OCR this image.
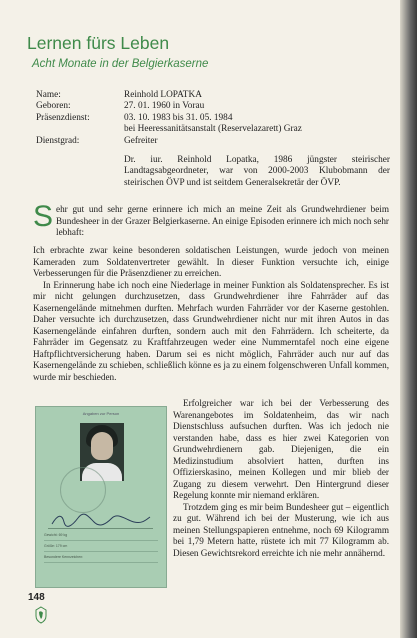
Lernen fürs Leben
Acht Monate in der Belgierkaserne
Name:	Reinhold LOPATKA
Geboren:	27. 01. 1960 in Vorau
Präsenzdienst:	03. 10. 1983 bis 31. 05. 1984
bei Heeressanitätsanstalt (Reservelazarett) Graz
Dienstgrad:	Gefreiter
Dr. iur. Reinhold Lopatka, 1986 jüngster steirischer Landtagsabgeordneter, war von 2000-2003 Klubobmann der steirischen ÖVP und ist seitdem Generalsekretär der ÖVP.
Sehr gut und sehr gerne erinnere ich mich an meine Zeit als Grundwehrdiener beim Bundesheer in der Grazer Belgierkaserne. An einige Episoden erinnere ich mich noch sehr lebhaft:

Ich erbrachte zwar keine besonderen soldatischen Leistungen, wurde jedoch von meinen Kameraden zum Soldatenvertreter gewählt. In dieser Funktion versuchte ich, einige Verbesserungen für die Präsenzdiener zu erreichen.

In Erinnerung habe ich noch eine Niederlage in meiner Funktion als Soldatensprecher. Es ist mir nicht gelungen durchzusetzen, dass Grundwehrdiener ihre Fahrräder auf das Kasernengelände mitnehmen durften. Mehrfach wurden Fahrräder vor der Kaserne gestohlen. Daher versuchte ich durchzusetzen, dass Grundwehrdiener nicht nur mit ihren Autos in das Kasernengelände einfahren durften, sondern auch mit den Fahrrädern. Ich scheiterte, da Fahrräder im Gegensatz zu Kraftfahrzeugen weder eine Nummerntafel noch eine eigene Haftpflichtversicherung haben. Darum sei es nicht möglich, Fahrräder auch nur auf das Kasernengelände zu schieben, schließlich könne es ja zu einem folgenschweren Unfall kommen, wurde mir beschieden.

Angaben zur Person
Gewicht: 69 kg
Größe: 179 cm
Besondere Kennzeichen:

Erfolgreicher war ich bei der Verbesserung des Warenangebotes im Soldatenheim, das wir nach Dienstschluss aufsuchen durften. Was ich jedoch nie verstanden habe, dass es hier zwei Kategorien von Grundwehrdienern gab. Diejenigen, die ein Medizinstudium absolviert hatten, durften ins Offizierskasino, meinen Kollegen und mir blieb der Zugang zu diesem verwehrt. Den Hintergrund dieser Regelung konnte mir niemand erklären.

Trotzdem ging es mir beim Bundesheer gut – eigentlich zu gut. Während ich bei der Musterung, wie ich aus meinen Stellungspapieren entnehme, noch 69 Kilogramm bei 1,79 Metern hatte, rüstete ich mit 77 Kilogramm ab. Diesen Gewichtsrekord erreichte ich nie mehr annähernd.

148
